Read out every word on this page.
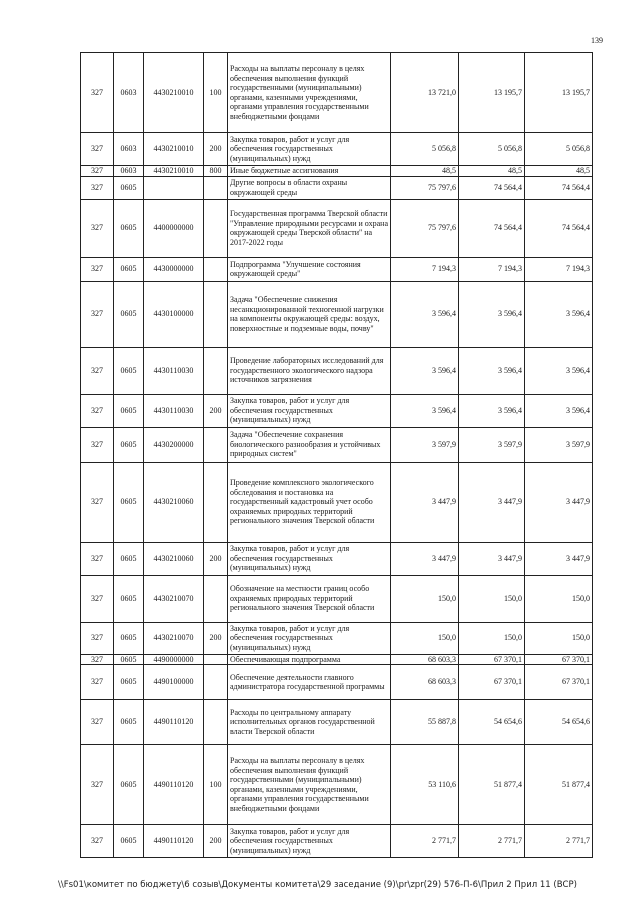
139
327	0603	4430210010	100	Расходы на выплаты персоналу в целях обеспечения выполнения функций государственными (муниципальными) органами, казенными учреждениями, органами управления государственными внебюджетными фондами	13 721,0	13 195,7	13 195,7
327	0603	4430210010	200	Закупка товаров, работ и услуг для обеспечения государственных (муниципальных) нужд	5 056,8	5 056,8	5 056,8
327	0603	4430210010	800	Иные бюджетные ассигнования	48,5	48,5	48,5
327	0605			Другие вопросы в области охраны окружающей среды	75 797,6	74 564,4	74 564,4
327	0605	4400000000		Государственная программа Тверской области "Управление природными ресурсами и охрана окружающей среды Тверской области" на 2017-2022 годы	75 797,6	74 564,4	74 564,4
327	0605	4430000000		Подпрограмма "Улучшение состояния окружающей среды"	7 194,3	7 194,3	7 194,3
327	0605	4430100000		Задача "Обеспечение снижения несанкционированной техногенной нагрузки на компоненты окружающей среды: воздух, поверхностные и подземные воды, почву"	3 596,4	3 596,4	3 596,4
327	0605	4430110030		Проведение лабораторных исследований для государственного экологического надзора источников загрязнения	3 596,4	3 596,4	3 596,4
327	0605	4430110030	200	Закупка товаров, работ и услуг для обеспечения государственных (муниципальных) нужд	3 596,4	3 596,4	3 596,4
327	0605	4430200000		Задача "Обеспечение сохранения биологического разнообразия и устойчивых природных систем"	3 597,9	3 597,9	3 597,9
327	0605	4430210060		Проведение комплексного экологического обследования и постановка на государственный кадастровый учет особо охраняемых природных территорий регионального значения Тверской области	3 447,9	3 447,9	3 447,9
327	0605	4430210060	200	Закупка товаров, работ и услуг для обеспечения государственных (муниципальных) нужд	3 447,9	3 447,9	3 447,9
327	0605	4430210070		Обозначение на местности границ особо охраняемых природных территорий регионального значения Тверской области	150,0	150,0	150,0
327	0605	4430210070	200	Закупка товаров, работ и услуг для обеспечения государственных (муниципальных) нужд	150,0	150,0	150,0
327	0605	4490000000		Обеспечивающая подпрограмма	68 603,3	67 370,1	67 370,1
327	0605	4490100000		Обеспечение деятельности главного администратора государственной программы	68 603,3	67 370,1	67 370,1
327	0605	4490110120		Расходы по центральному аппарату исполнительных органов государственной власти Тверской области	55 887,8	54 654,6	54 654,6
327	0605	4490110120	100	Расходы на выплаты персоналу в целях обеспечения выполнения функций государственными (муниципальными) органами, казенными учреждениями, органами управления государственными внебюджетными фондами	53 110,6	51 877,4	51 877,4
327	0605	4490110120	200	Закупка товаров, работ и услуг для обеспечения государственных (муниципальных) нужд	2 771,7	2 771,7	2 771,7
\\Fs01\комитет по бюджету\6 созыв\Документы комитета\29 заседание (9)\pr\zpr(29) 576-П-6\Прил 2 Прил 11 (ВСР)
